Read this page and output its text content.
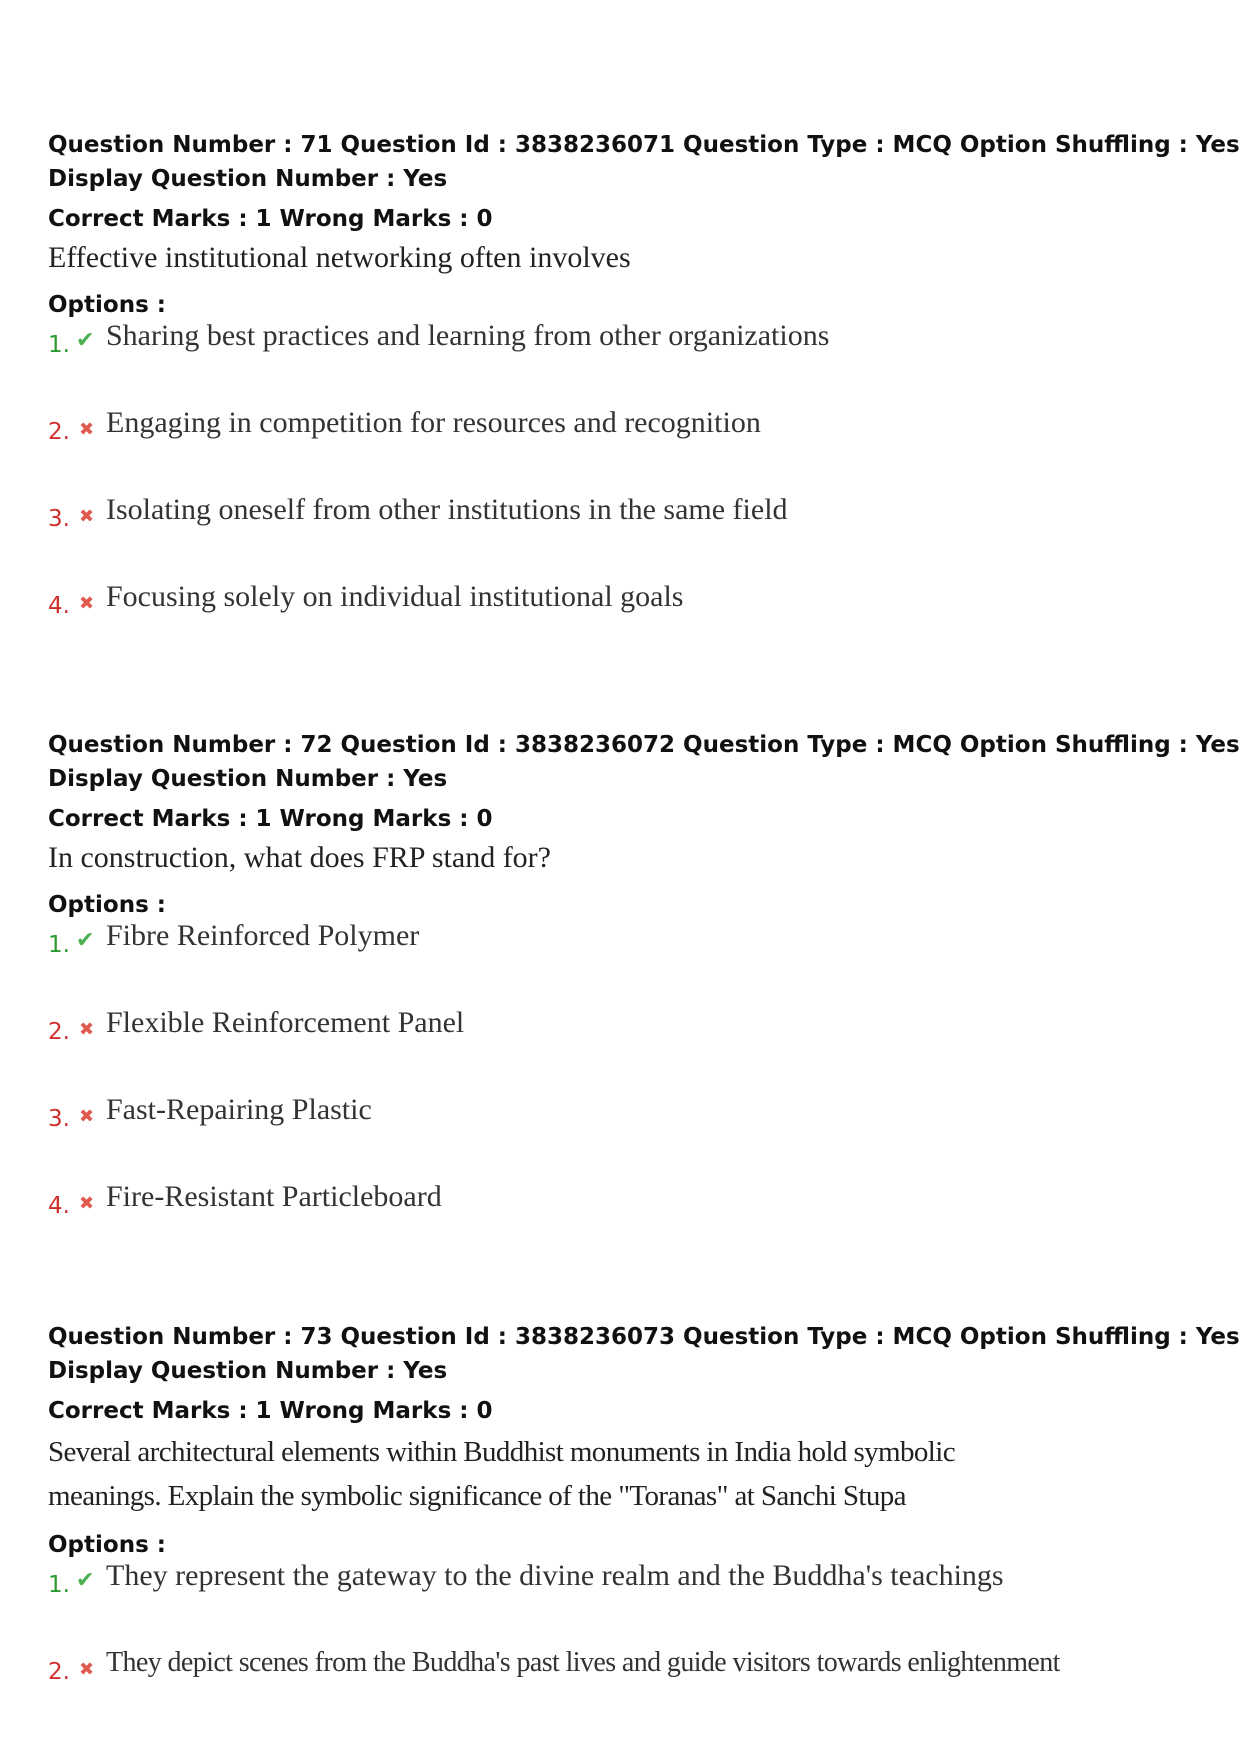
Question Number : 71 Question Id : 3838236071 Question Type : MCQ Option Shuffling : Yes
Display Question Number : Yes
Correct Marks : 1 Wrong Marks : 0
Effective institutional networking often involves
Options :
1. ✔ Sharing best practices and learning from other organizations
2. ✖ Engaging in competition for resources and recognition
3. ✖ Isolating oneself from other institutions in the same field
4. ✖ Focusing solely on individual institutional goals
Question Number : 72 Question Id : 3838236072 Question Type : MCQ Option Shuffling : Yes
Display Question Number : Yes
Correct Marks : 1 Wrong Marks : 0
In construction, what does FRP stand for?
Options :
1. ✔ Fibre Reinforced Polymer
2. ✖ Flexible Reinforcement Panel
3. ✖ Fast-Repairing Plastic
4. ✖ Fire-Resistant Particleboard
Question Number : 73 Question Id : 3838236073 Question Type : MCQ Option Shuffling : Yes
Display Question Number : Yes
Correct Marks : 1 Wrong Marks : 0
Several architectural elements within Buddhist monuments in India hold symbolic
meanings. Explain the symbolic significance of the "Toranas" at Sanchi Stupa
Options :
1. ✔ They represent the gateway to the divine realm and the Buddha's teachings
2. ✖ They depict scenes from the Buddha's past lives and guide visitors towards enlightenment
